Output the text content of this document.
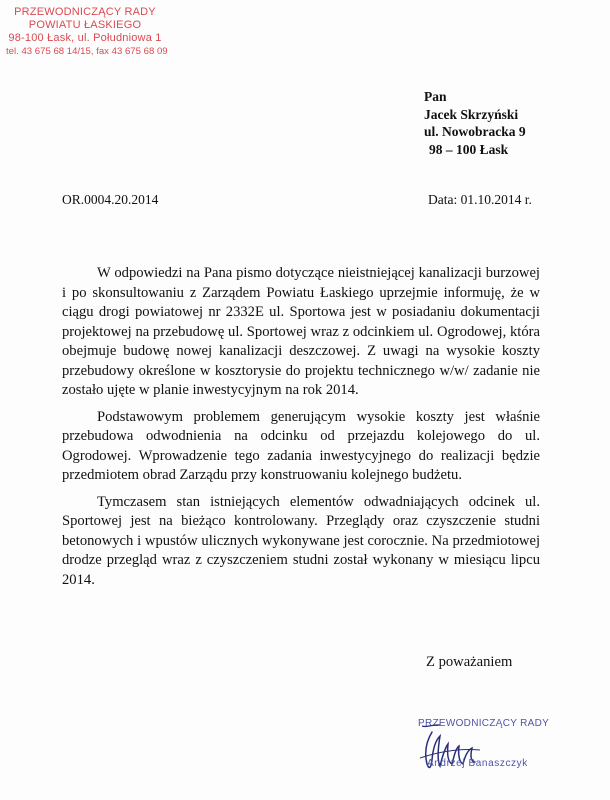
PRZEWODNICZĄCY RADY
POWIATU ŁASKIEGO
98-100 Łask, ul. Południowa 1
tel. 43 675 68 14/15, fax 43 675 68 09
Pan
Jacek Skrzyński
ul. Nowobracka 9
98 – 100 Łask
OR.0004.20.2014	Data: 01.10.2014 r.

W odpowiedzi na Pana pismo dotyczące nieistniejącej kanalizacji burzowej i po skonsultowaniu z Zarządem Powiatu Łaskiego uprzejmie informuję, że w ciągu drogi powiatowej nr 2332E ul. Sportowa jest w posiadaniu dokumentacji projektowej na przebudowę ul. Sportowej wraz z odcinkiem ul. Ogrodowej, która obejmuje budowę nowej kanalizacji deszczowej. Z uwagi na wysokie koszty przebudowy określone w kosztorysie do projektu technicznego w/w/ zadanie nie zostało ujęte w planie inwestycyjnym na rok 2014.

Podstawowym problemem generującym wysokie koszty jest właśnie przebudowa odwodnienia na odcinku od przejazdu kolejowego do ul. Ogrodowej. Wprowadzenie tego zadania inwestycyjnego do realizacji będzie przedmiotem obrad Zarządu przy konstruowaniu kolejnego budżetu.

Tymczasem stan istniejących elementów odwadniających odcinek ul. Sportowej jest na bieżąco kontrolowany. Przeglądy oraz czyszczenie studni betonowych i wpustów ulicznych wykonywane jest corocznie. Na przedmiotowej drodze przegląd wraz z czyszczeniem studni został wykonany w miesiącu lipcu 2014.

Z poważaniem
PRZEWODNICZĄCY RADY
Andrzej Banaszczyk
